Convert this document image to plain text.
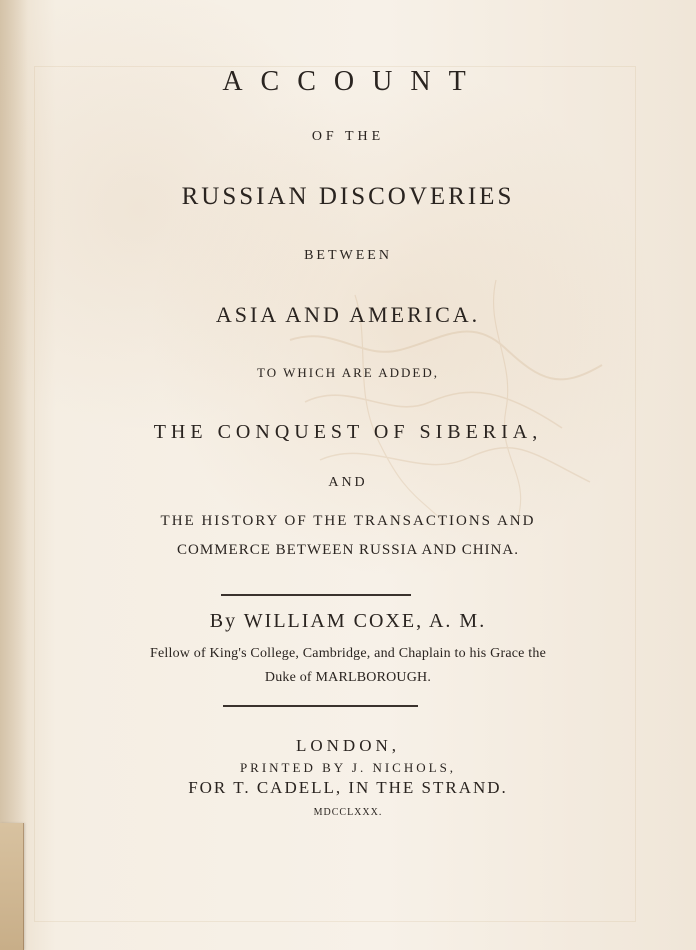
ACCOUNT
OF THE
RUSSIAN DISCOVERIES
BETWEEN
ASIA AND AMERICA.
TO WHICH ARE ADDED,
THE CONQUEST OF SIBERIA,
AND
THE HISTORY OF THE TRANSACTIONS AND
COMMERCE BETWEEN RUSSIA AND CHINA.
By WILLIAM COXE, A. M.
Fellow of King's College, Cambridge, and Chaplain to his Grace the
Duke of MARLBOROUGH.
LONDON,
PRINTED BY J. NICHOLS,
FOR T. CADELL, IN THE STRAND.
MDCCLXXX.
